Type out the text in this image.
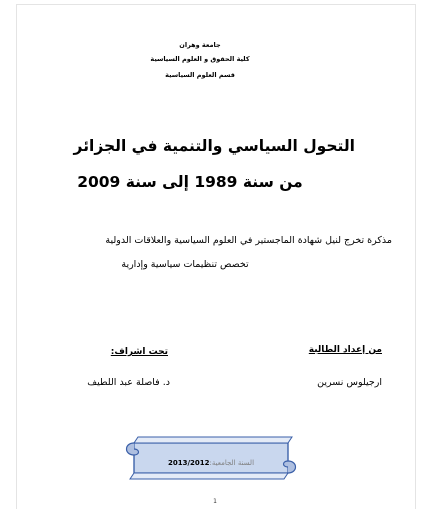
جامعة وهران
كلية الحقوق و العلوم السياسية
قسم العلوم السياسية
التحول السياسي والتنمية في الجزائر
من سنة 1989 إلى سنة 2009
مذكرة تخرج لنيل شهادة الماجستير في العلوم السياسية والعلاقات الدولية
تخصص تنظيمات سياسية وإدارية
من إعداد الطالبة
تحت اشراف:
ارجيلوس نسرين
د. فاصلة عبد اللطيف
السنة الجامعية:2013/2012
1
